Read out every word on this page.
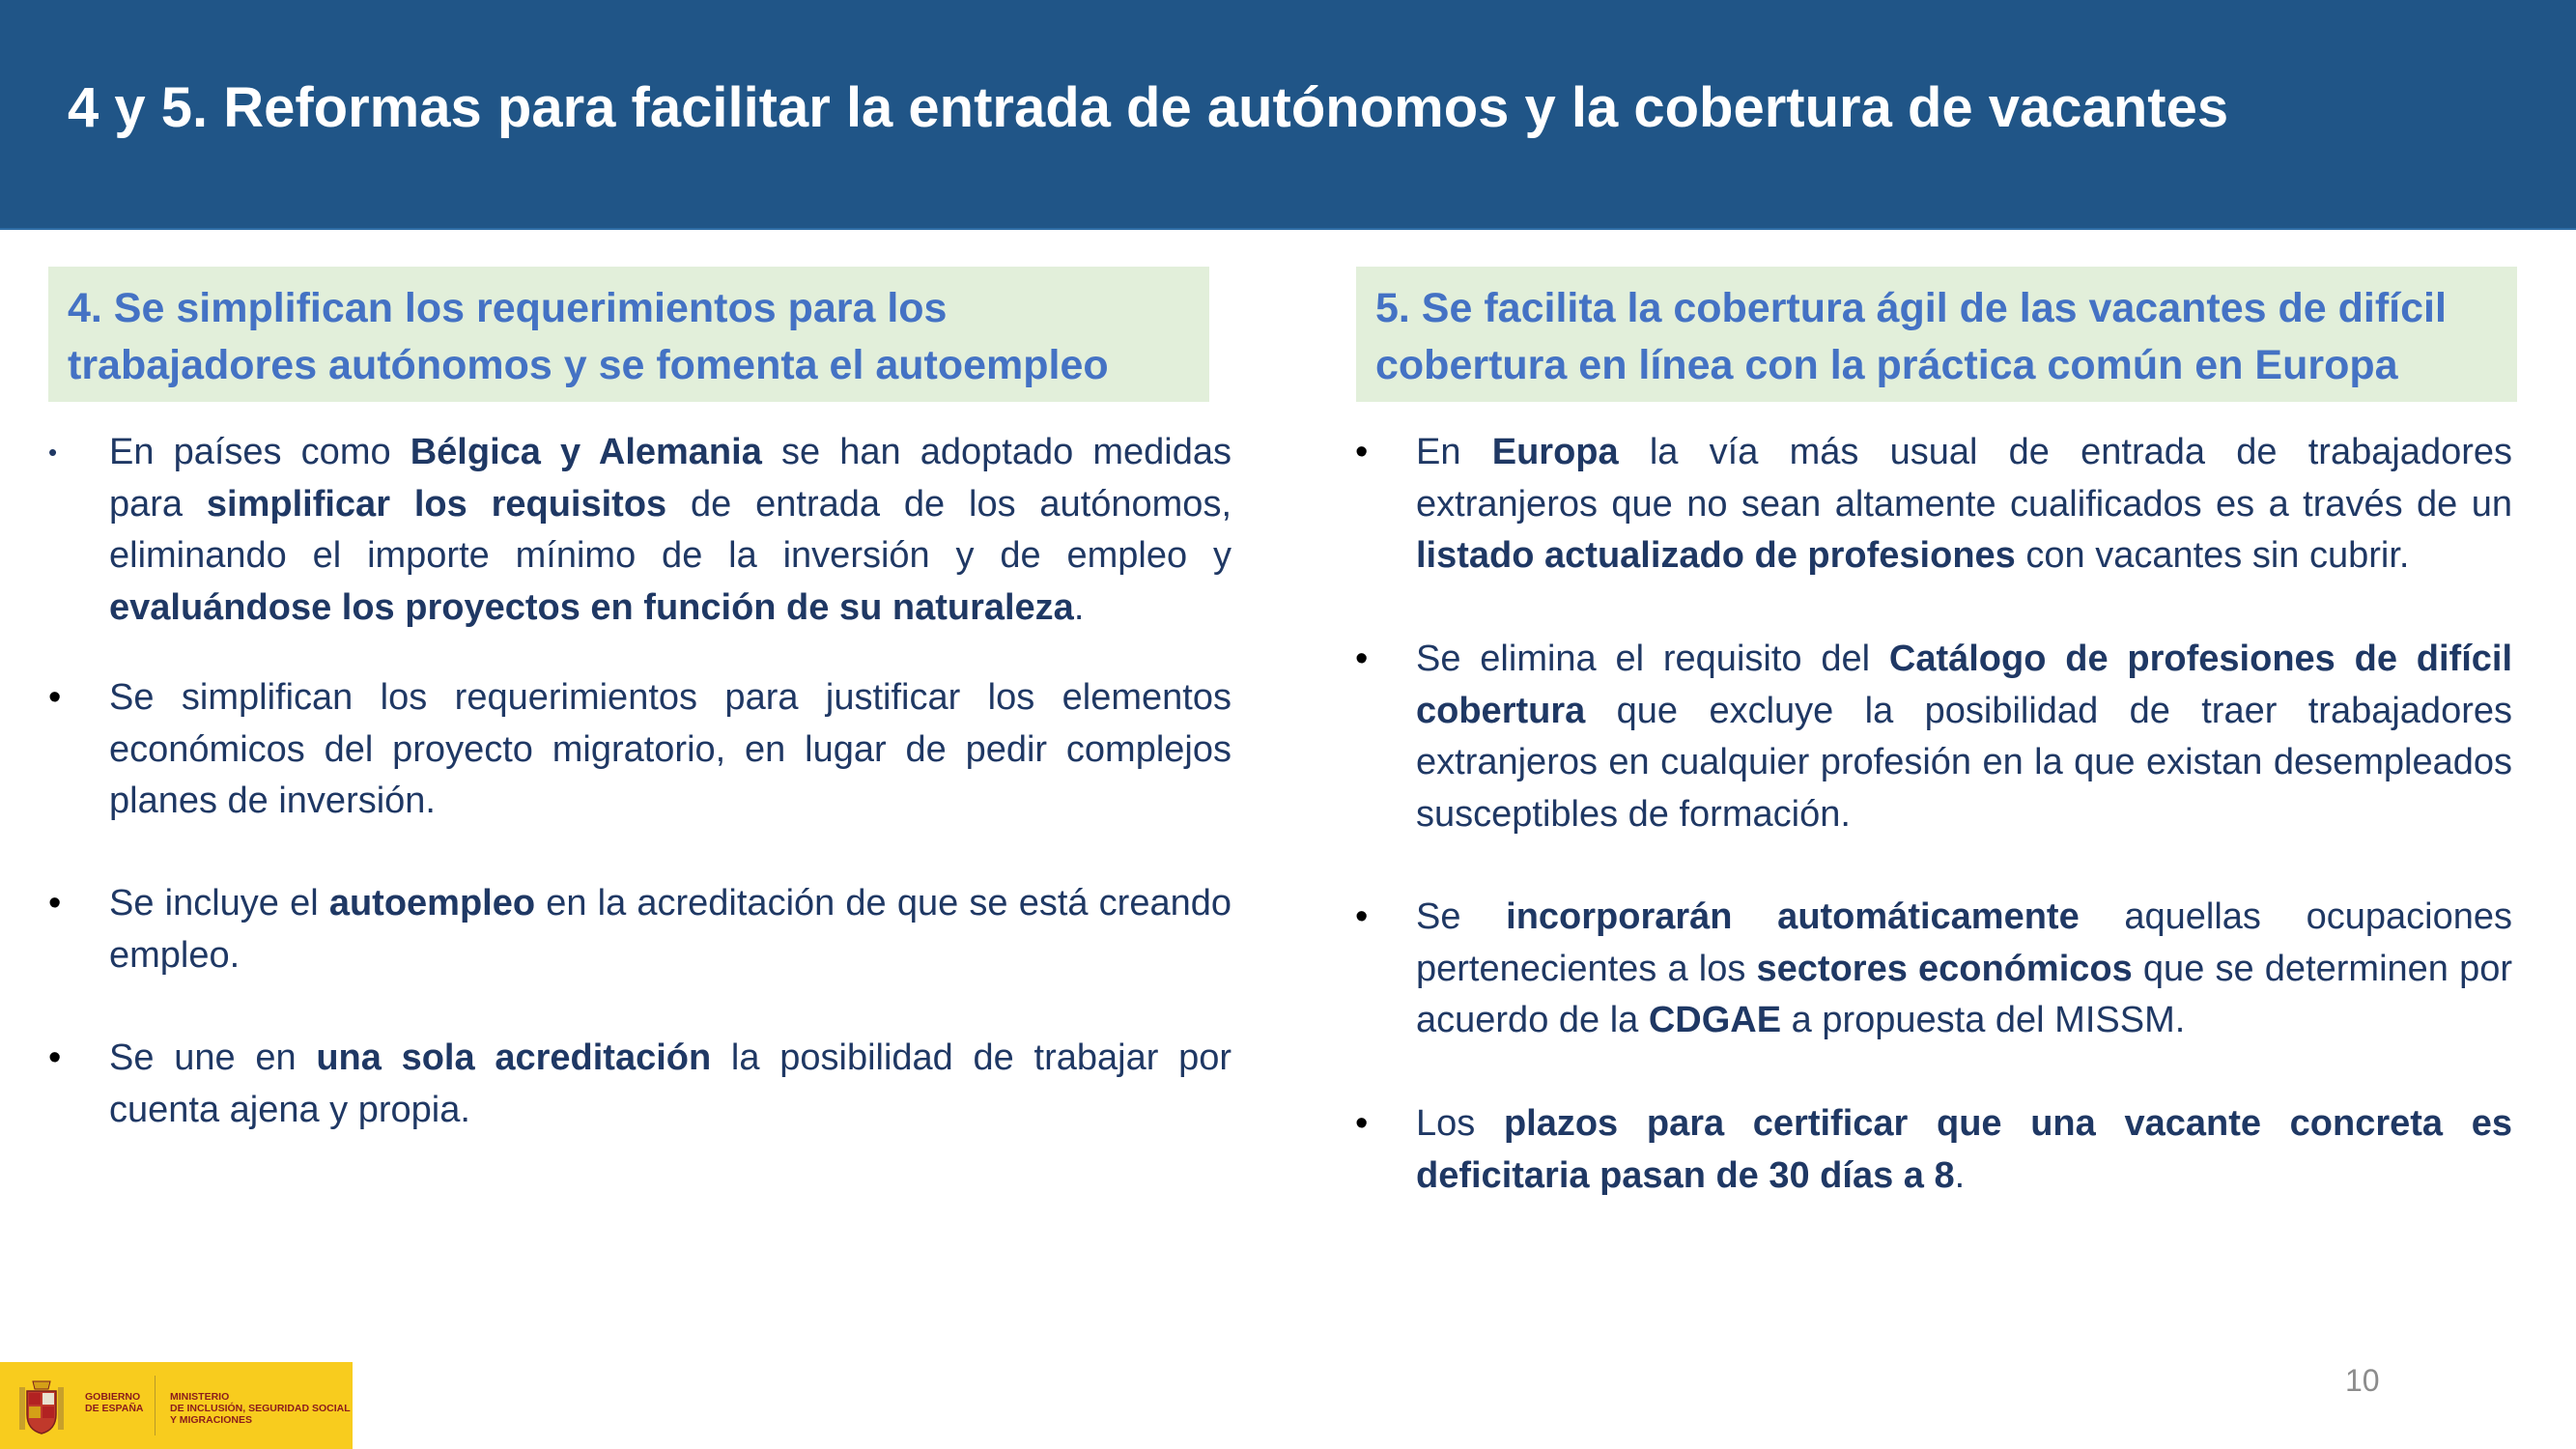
4 y 5. Reformas para facilitar la entrada de autónomos y la cobertura de vacantes
4. Se simplifican los requerimientos para los
trabajadores autónomos y se fomenta el autoempleo
5. Se facilita la cobertura ágil de las vacantes de difícil
cobertura en línea con la práctica común en Europa
•	En países como Bélgica y Alemania se han adoptado medidas para simplificar los requisitos de entrada de los autónomos, eliminando el importe mínimo de la inversión y de empleo y evaluándose los proyectos en función de su naturaleza.
•	Se simplifican los requerimientos para justificar los elementos económicos del proyecto migratorio, en lugar de pedir complejos planes de inversión.
•	Se incluye el autoempleo en la acreditación de que se está creando empleo.
•	Se une en una sola acreditación la posibilidad de trabajar por cuenta ajena y propia.
•	En Europa la vía más usual de entrada de trabajadores extranjeros que no sean altamente cualificados es a través de un listado actualizado de profesiones con vacantes sin cubrir.
•	Se elimina el requisito del Catálogo de profesiones de difícil cobertura que excluye la posibilidad de traer trabajadores extranjeros en cualquier profesión en la que existan desempleados susceptibles de formación.
•	Se incorporarán automáticamente aquellas ocupaciones pertenecientes a los sectores económicos que se determinen por acuerdo de la CDGAE a propuesta del MISSM.
•	Los plazos para certificar que una vacante concreta es deficitaria pasan de 30 días a 8.
GOBIERNO
DE ESPAÑA
MINISTERIO
DE INCLUSIÓN, SEGURIDAD SOCIAL
Y MIGRACIONES
10
